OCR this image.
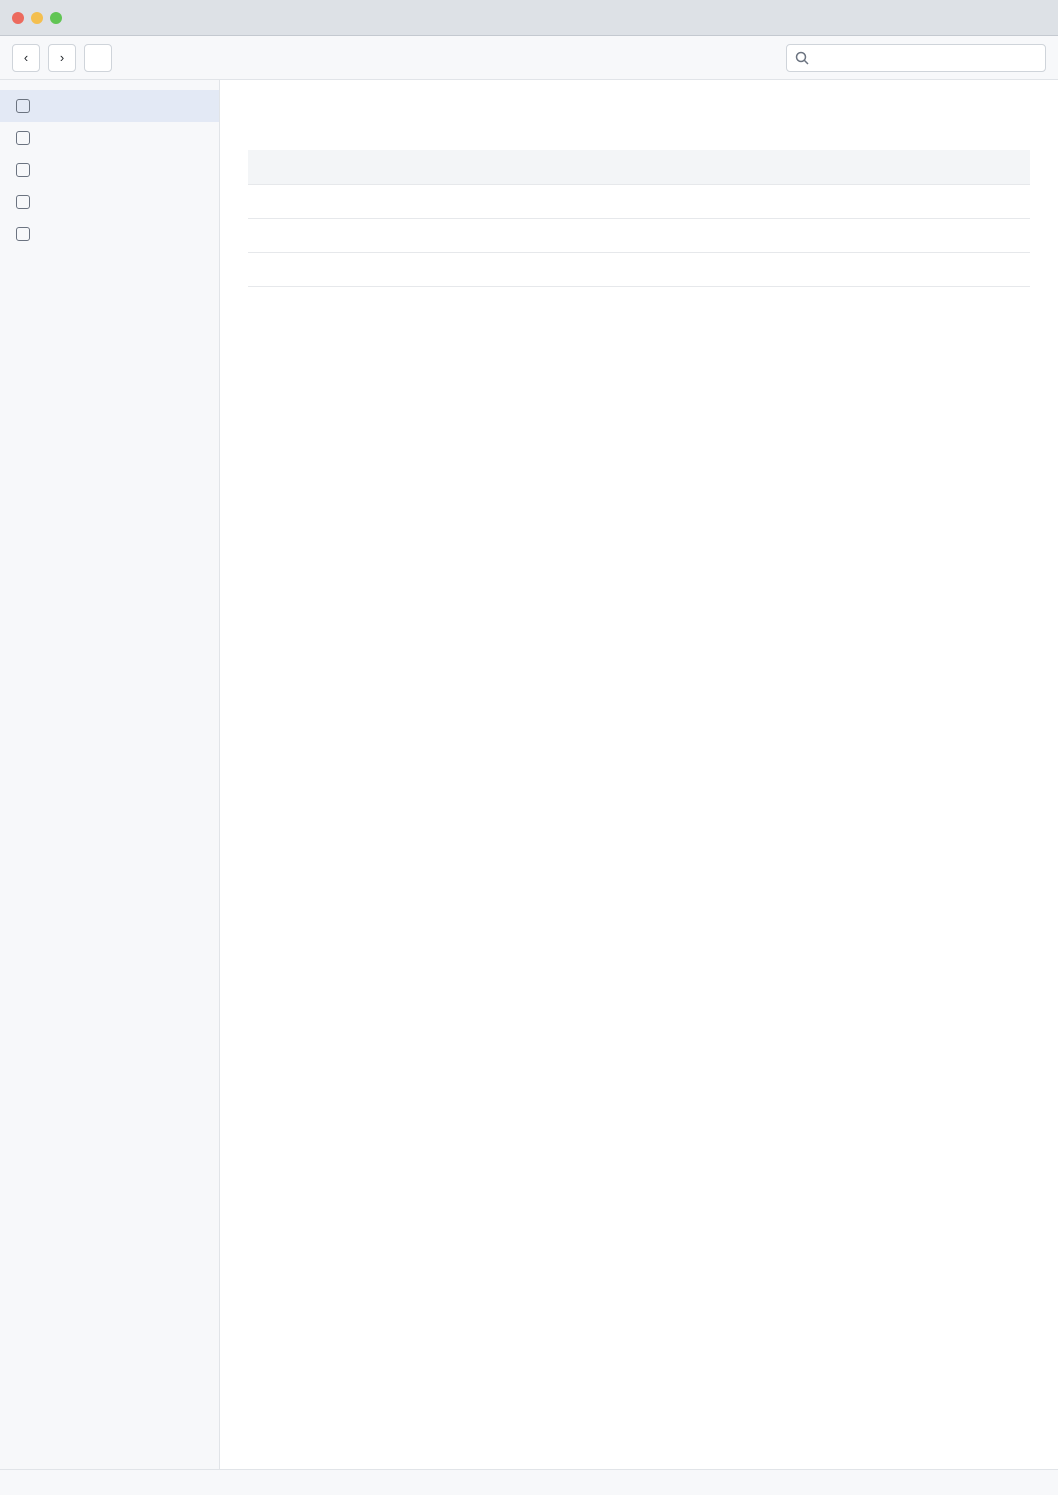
‹ ›
